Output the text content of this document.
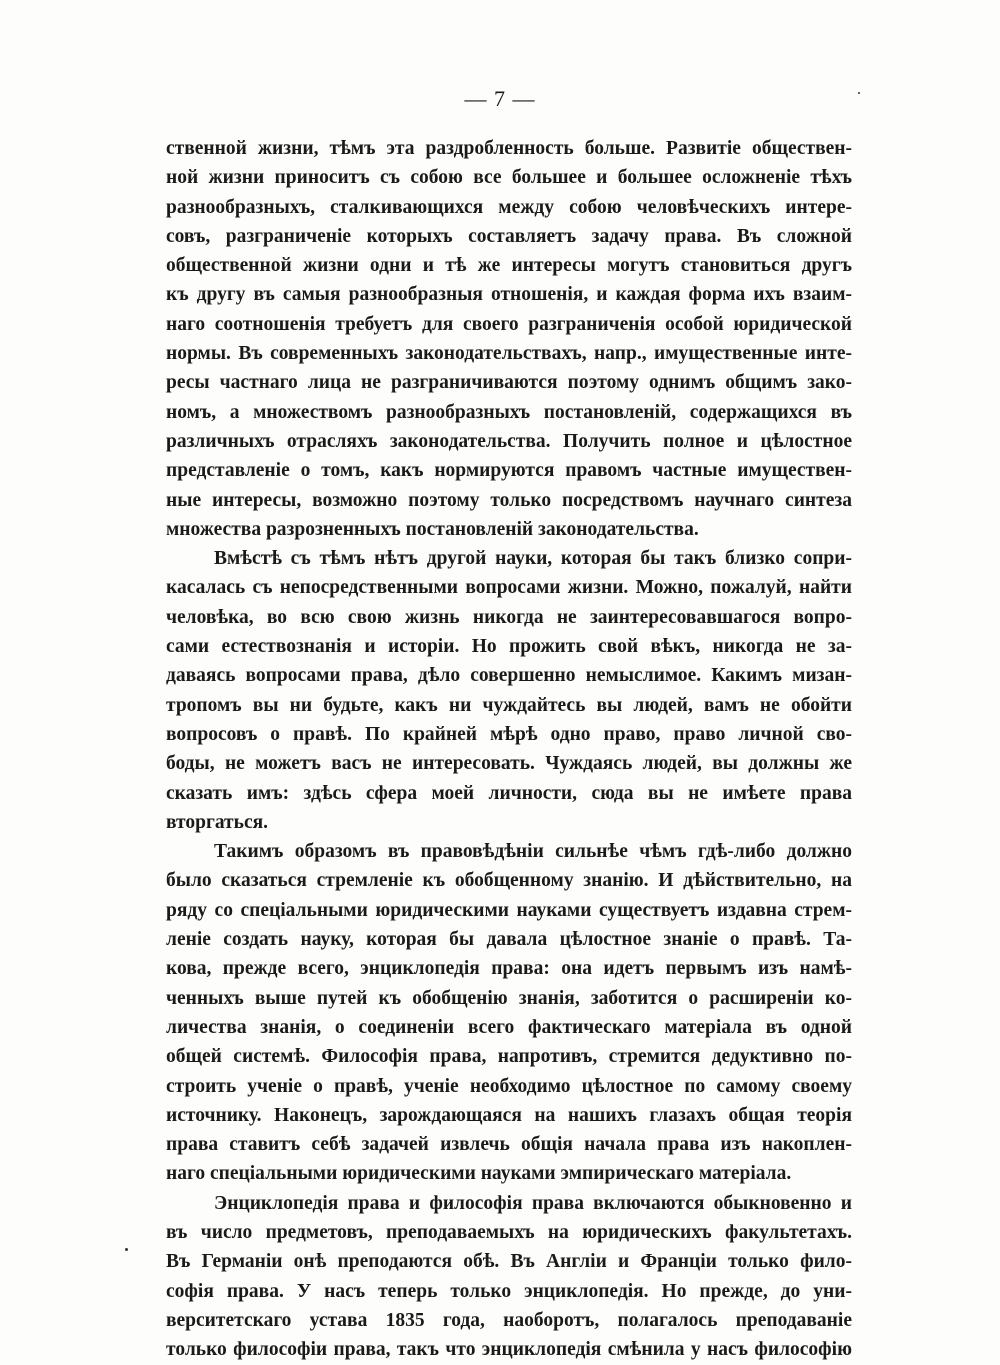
— 7 —
ственной жизни, тѣмъ эта раздробленность больше. Развитіе обществен-
ной жизни приноситъ съ собою все большее и большее осложненіе тѣхъ
разнообразныхъ, сталкивающихся между собою человѣческихъ интере-
совъ, разграниченіе которыхъ составляетъ задачу права. Въ сложной
общественной жизни одни и тѣ же интересы могутъ становиться другъ
къ другу въ самыя разнообразныя отношенія, и каждая форма ихъ взаим-
наго соотношенія требуетъ для своего разграниченія особой юридической
нормы. Въ современныхъ законодательствахъ, напр., имущественные инте-
ресы частнаго лица не разграничиваются поэтому однимъ общимъ зако-
номъ, а множествомъ разнообразныхъ постановленій, содержащихся въ
различныхъ отрасляхъ законодательства. Получить полное и цѣлостное
представленіе о томъ, какъ нормируются правомъ частные имуществен-
ные интересы, возможно поэтому только посредствомъ научнаго синтеза
множества разрозненныхъ постановленій законодательства.
Вмѣстѣ съ тѣмъ нѣтъ другой науки, которая бы такъ близко сопри-
касалась съ непосредственными вопросами жизни. Можно, пожалуй, найти
человѣка, во всю свою жизнь никогда не заинтересовавшагося вопро-
сами естествознанія и исторіи. Но прожить свой вѣкъ, никогда не за-
даваясь вопросами права, дѣло совершенно немыслимое. Какимъ мизан-
тропомъ вы ни будьте, какъ ни чуждайтесь вы людей, вамъ не обойти
вопросовъ о правѣ. По крайней мѣрѣ одно право, право личной сво-
боды, не можетъ васъ не интересовать. Чуждаясь людей, вы должны же
сказать имъ: здѣсь сфера моей личности, сюда вы не имѣете права
вторгаться.
Такимъ образомъ въ правовѣдѣніи сильнѣе чѣмъ гдѣ-либо должно
было сказаться стремленіе къ обобщенному знанію. И дѣйствительно, на
ряду со спеціальными юридическими науками существуетъ издавна стрем-
леніе создать науку, которая бы давала цѣлостное знаніе о правѣ. Та-
кова, прежде всего, энциклопедія права: она идетъ первымъ изъ намѣ-
ченныхъ выше путей къ обобщенію знанія, заботится о расширеніи ко-
личества знанія, о соединеніи всего фактическаго матеріала въ одной
общей системѣ. Философія права, напротивъ, стремится дедуктивно по-
строить ученіе о правѣ, ученіе необходимо цѣлостное по самому своему
источнику. Наконецъ, зарождающаяся на нашихъ глазахъ общая теорія
права ставитъ себѣ задачей извлечь общія начала права изъ накоплен-
наго спеціальными юридическими науками эмпирическаго матеріала.
Энциклопедія права и философія права включаются обыкновенно и
въ число предметовъ, преподаваемыхъ на юридическихъ факультетахъ.
Въ Германіи онѣ преподаются обѣ. Въ Англіи и Франціи только фило-
софія права. У насъ теперь только энциклопедія. Но прежде, до уни-
верситетскаго устава 1835 года, наоборотъ, полагалось преподаваніе
только философіи права, такъ что энциклопедія смѣнила у насъ философію
